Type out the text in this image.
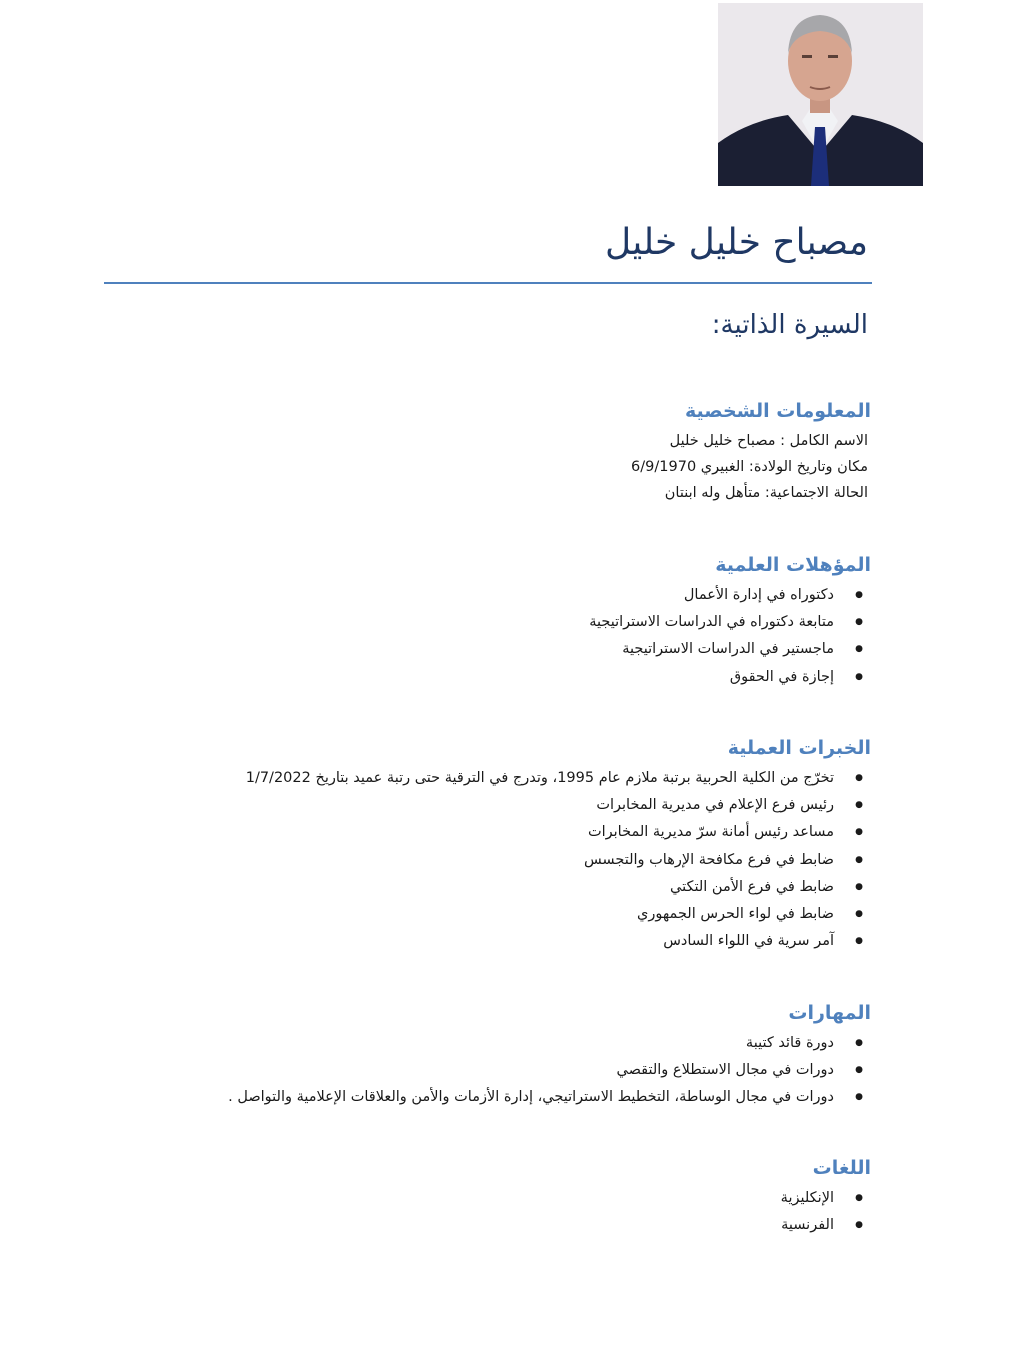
مصباح خليل خليل
السيرة الذاتية:
المعلومات الشخصية
الاسم الكامل : مصباح خليل خليل
مكان وتاريخ الولادة: الغبيري 6/9/1970
الحالة الاجتماعية: متأهل وله ابنتان
المؤهلات العلمية
● دكتوراه في إدارة الأعمال
● متابعة دكتوراه في الدراسات الاستراتيجية
● ماجستير في الدراسات الاستراتيجية
● إجازة في الحقوق
الخبرات العملية
● تخرّج من الكلية الحربية برتبة ملازم عام 1995، وتدرج في الترقية حتى رتبة عميد بتاريخ 1/7/2022
● رئيس فرع الإعلام في مديرية المخابرات
● مساعد رئيس أمانة سرّ مديرية المخابرات
● ضابط في فرع مكافحة الإرهاب والتجسس
● ضابط في فرع الأمن التكتي
● ضابط في لواء الحرس الجمهوري
● آمر سرية في اللواء السادس
المهارات
● دورة قائد كتيبة
● دورات في مجال الاستطلاع والتقصي
● دورات في مجال الوساطة، التخطيط الاستراتيجي، إدارة الأزمات والأمن والعلاقات الإعلامية والتواصل .
اللغات
● الإنكليزية
● الفرنسية
